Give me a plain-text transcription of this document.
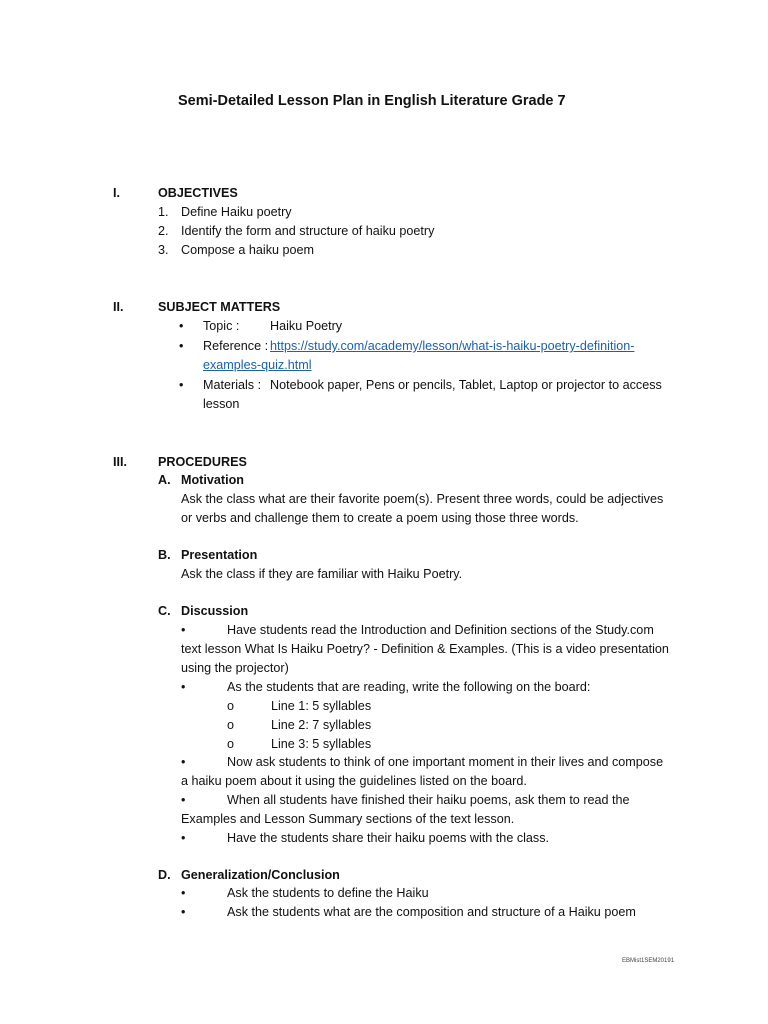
Semi-Detailed Lesson Plan in English Literature Grade 7
I.	OBJECTIVES
1. Define Haiku poetry
2. Identify the form and structure of haiku poetry
3. Compose a haiku poem
II.	SUBJECT MATTERS
• Topic : Haiku Poetry
• Reference : https://study.com/academy/lesson/what-is-haiku-poetry-definition-
examples-quiz.html
• Materials : Notebook paper, Pens or pencils, Tablet, Laptop or projector to access
lesson
III. PROCEDURES
A. Motivation
Ask the class what are their favorite poem(s). Present three words, could be adjectives
or verbs and challenge them to create a poem using those three words.
B. Presentation
Ask the class if they are familiar with Haiku Poetry.
C. Discussion
•	Have students read the Introduction and Definition sections of the Study.com
text lesson What Is Haiku Poetry? - Definition & Examples. (This is a video presentation
using the projector)
•	As the students that are reading, write the following on the board:
o	Line 1: 5 syllables
o	Line 2: 7 syllables
o	Line 3: 5 syllables
•	Now ask students to think of one important moment in their lives and compose
a haiku poem about it using the guidelines listed on the board.
•	When all students have finished their haiku poems, ask them to read the
Examples and Lesson Summary sections of the text lesson.
•	Have the students share their haiku poems with the class.
D. Generalization/Conclusion
•	Ask the students to define the Haiku
•	Ask the students what are the composition and structure of a Haiku poem
EBMist1SEM20191
